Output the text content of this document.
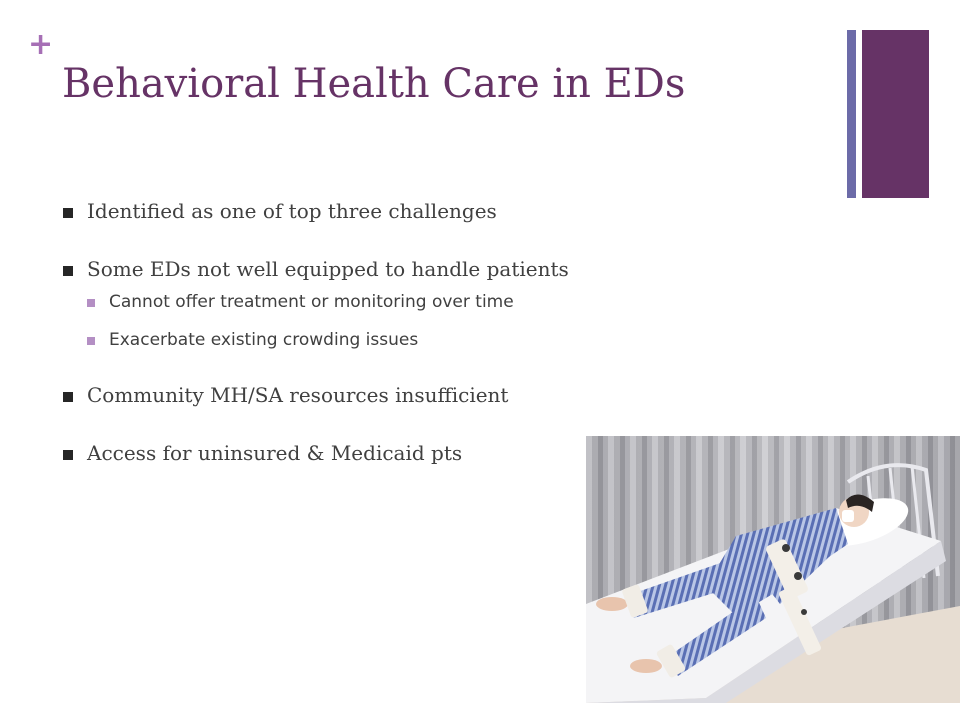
+
Behavioral Health Care in EDs
Identified as one of top three challenges
Some EDs not well equipped to handle patients
Cannot offer treatment or monitoring over time
Exacerbate existing crowding issues
Community MH/SA resources insufficient
Access for uninsured & Medicaid pts
